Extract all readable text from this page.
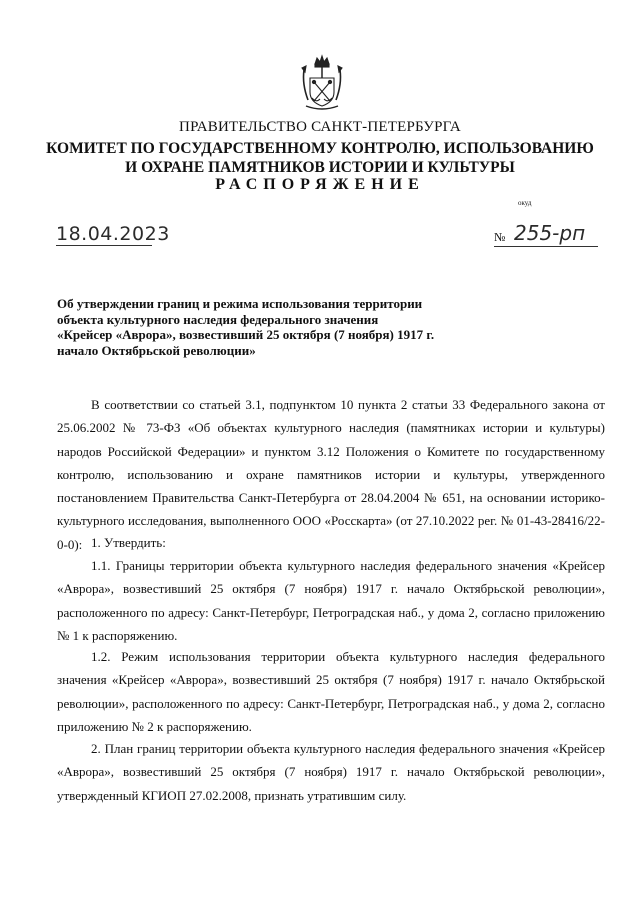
ПРАВИТЕЛЬСТВО САНКТ-ПЕТЕРБУРГА
КОМИТЕТ ПО ГОСУДАРСТВЕННОМУ КОНТРОЛЮ, ИСПОЛЬЗОВАНИЮ
И ОХРАНЕ ПАМЯТНИКОВ ИСТОРИИ И КУЛЬТУРЫ
РАСПОРЯЖЕНИЕ
окуд
18.04.2023	№ 255-рп
Об утверждении границ и режима использования территории
объекта культурного наследия федерального значения
«Крейсер «Аврора», возвестивший 25 октября (7 ноября) 1917 г.
начало Октябрьской революции»

В соответствии со статьей 3.1, подпунктом 10 пункта 2 статьи 33 Федерального закона от 25.06.2002 № 73-ФЗ «Об объектах культурного наследия (памятниках истории и культуры) народов Российской Федерации» и пунктом 3.12 Положения о Комитете по государственному контролю, использованию и охране памятников истории и культуры, утвержденного постановлением Правительства Санкт-Петербурга от 28.04.2004 № 651, на основании историко-культурного исследования, выполненного ООО «Росскарта» (от 27.10.2022 рег. № 01-43-28416/22-0-0): 1. Утвердить:

1.1. Границы территории объекта культурного наследия федерального значения «Крейсер «Аврора», возвестивший 25 октября (7 ноября) 1917 г. начало Октябрьской революции», расположенного по адресу: Санкт-Петербург, Петроградская наб., у дома 2, согласно приложению № 1 к распоряжению.

1.2. Режим использования территории объекта культурного наследия федерального значения «Крейсер «Аврора», возвестивший 25 октября (7 ноября) 1917 г. начало Октябрьской революции», расположенного по адресу: Санкт-Петербург, Петроградская наб., у дома 2, согласно приложению № 2 к распоряжению.

2. План границ территории объекта культурного наследия федерального значения «Крейсер «Аврора», возвестивший 25 октября (7 ноября) 1917 г. начало Октябрьской революции», утвержденный КГИОП 27.02.2008, признать утратившим силу.
